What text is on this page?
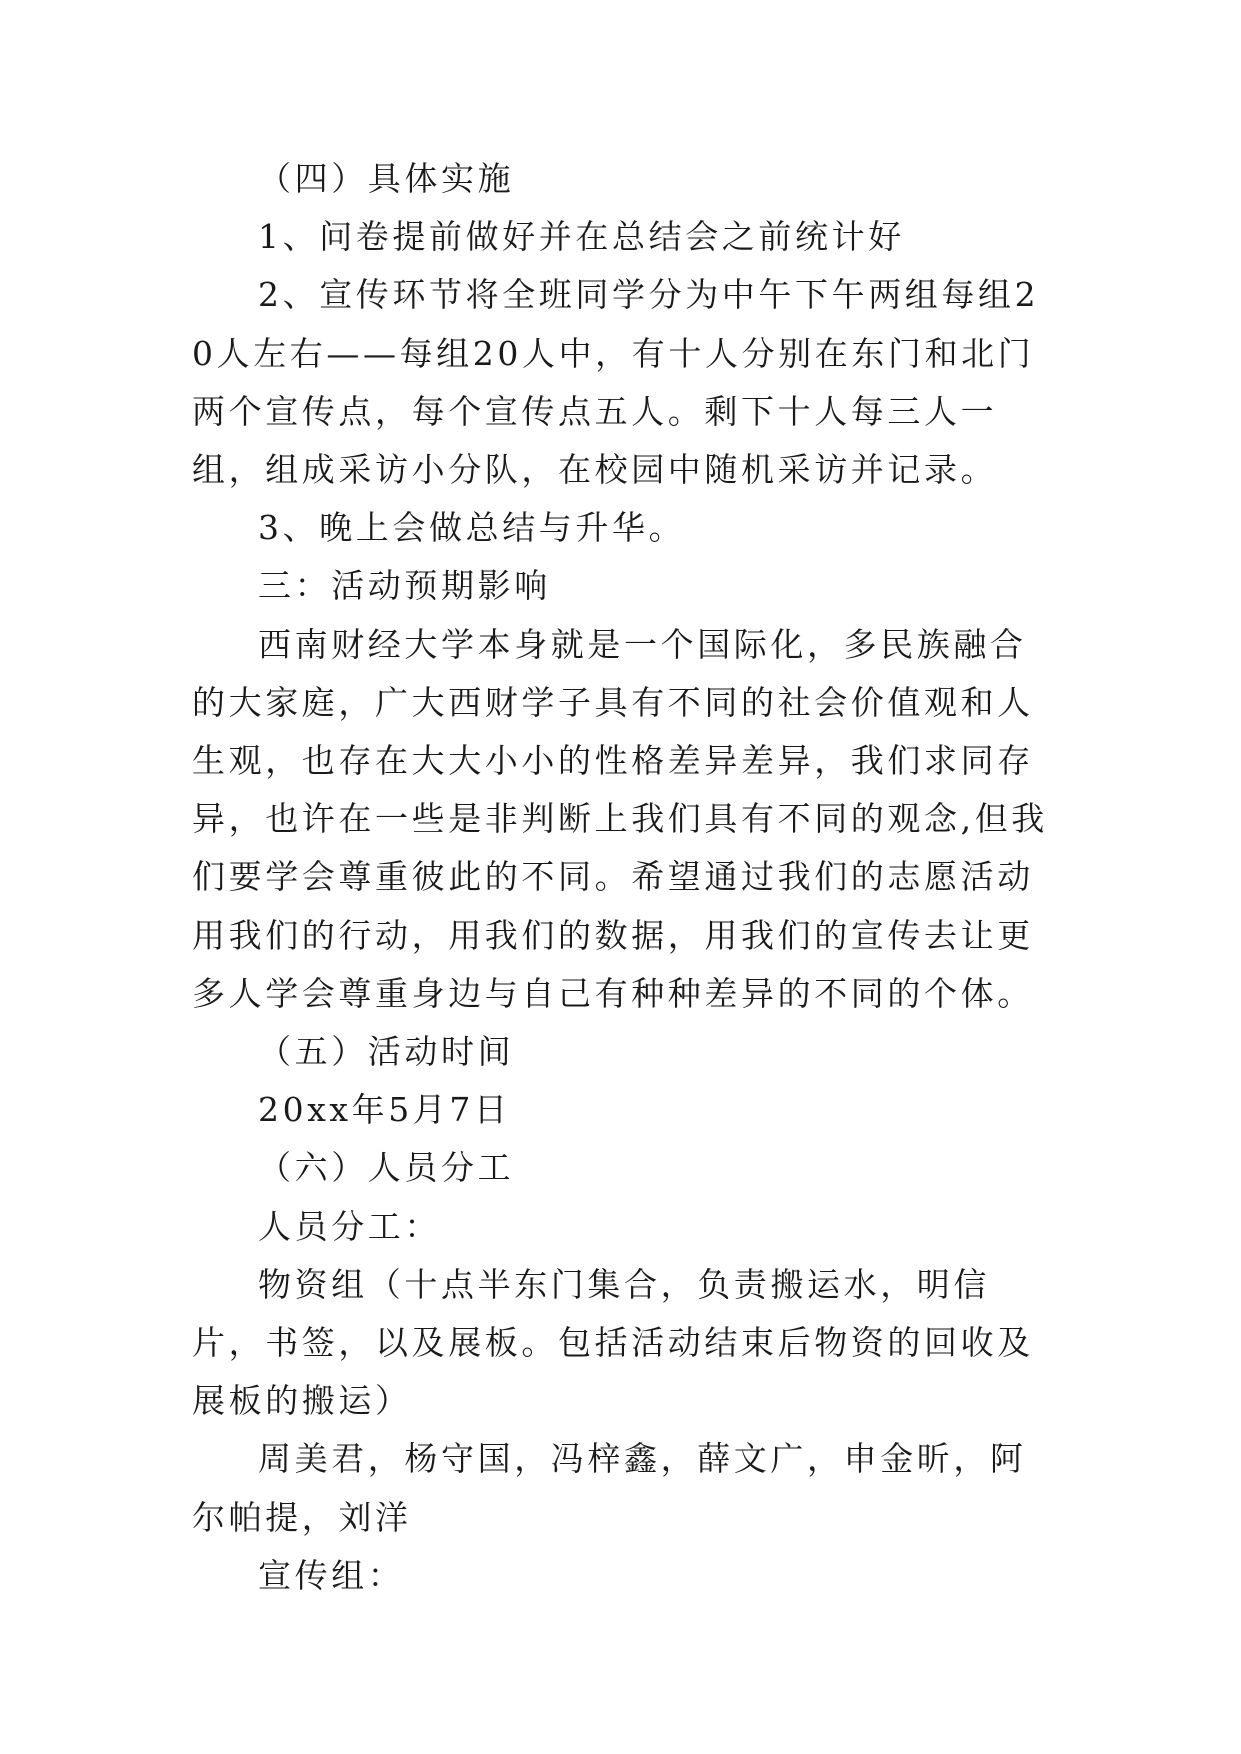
（四）具体实施

1、问卷提前做好并在总结会之前统计好

2、宣传环节将全班同学分为中午下午两组每组20人左右——每组20人中，有十人分别在东门和北门两个宣传点，每个宣传点五人。剩下十人每三人一组，组成采访小分队，在校园中随机采访并记录。

3、晚上会做总结与升华。

三：活动预期影响

西南财经大学本身就是一个国际化，多民族融合的大家庭，广大西财学子具有不同的社会价值观和人生观，也存在大大小小的性格差异差异，我们求同存异，也许在一些是非判断上我们具有不同的观念,但我们要学会尊重彼此的不同。希望通过我们的志愿活动用我们的行动，用我们的数据，用我们的宣传去让更多人学会尊重身边与自己有种种差异的不同的个体。

（五）活动时间

20xx年5月7日

（六）人员分工

人员分工：

物资组（十点半东门集合，负责搬运水，明信片，书签，以及展板。包括活动结束后物资的回收及展板的搬运）

周美君，杨守国，冯梓鑫，薛文广，申金昕，阿尔帕提，刘洋

宣传组：
